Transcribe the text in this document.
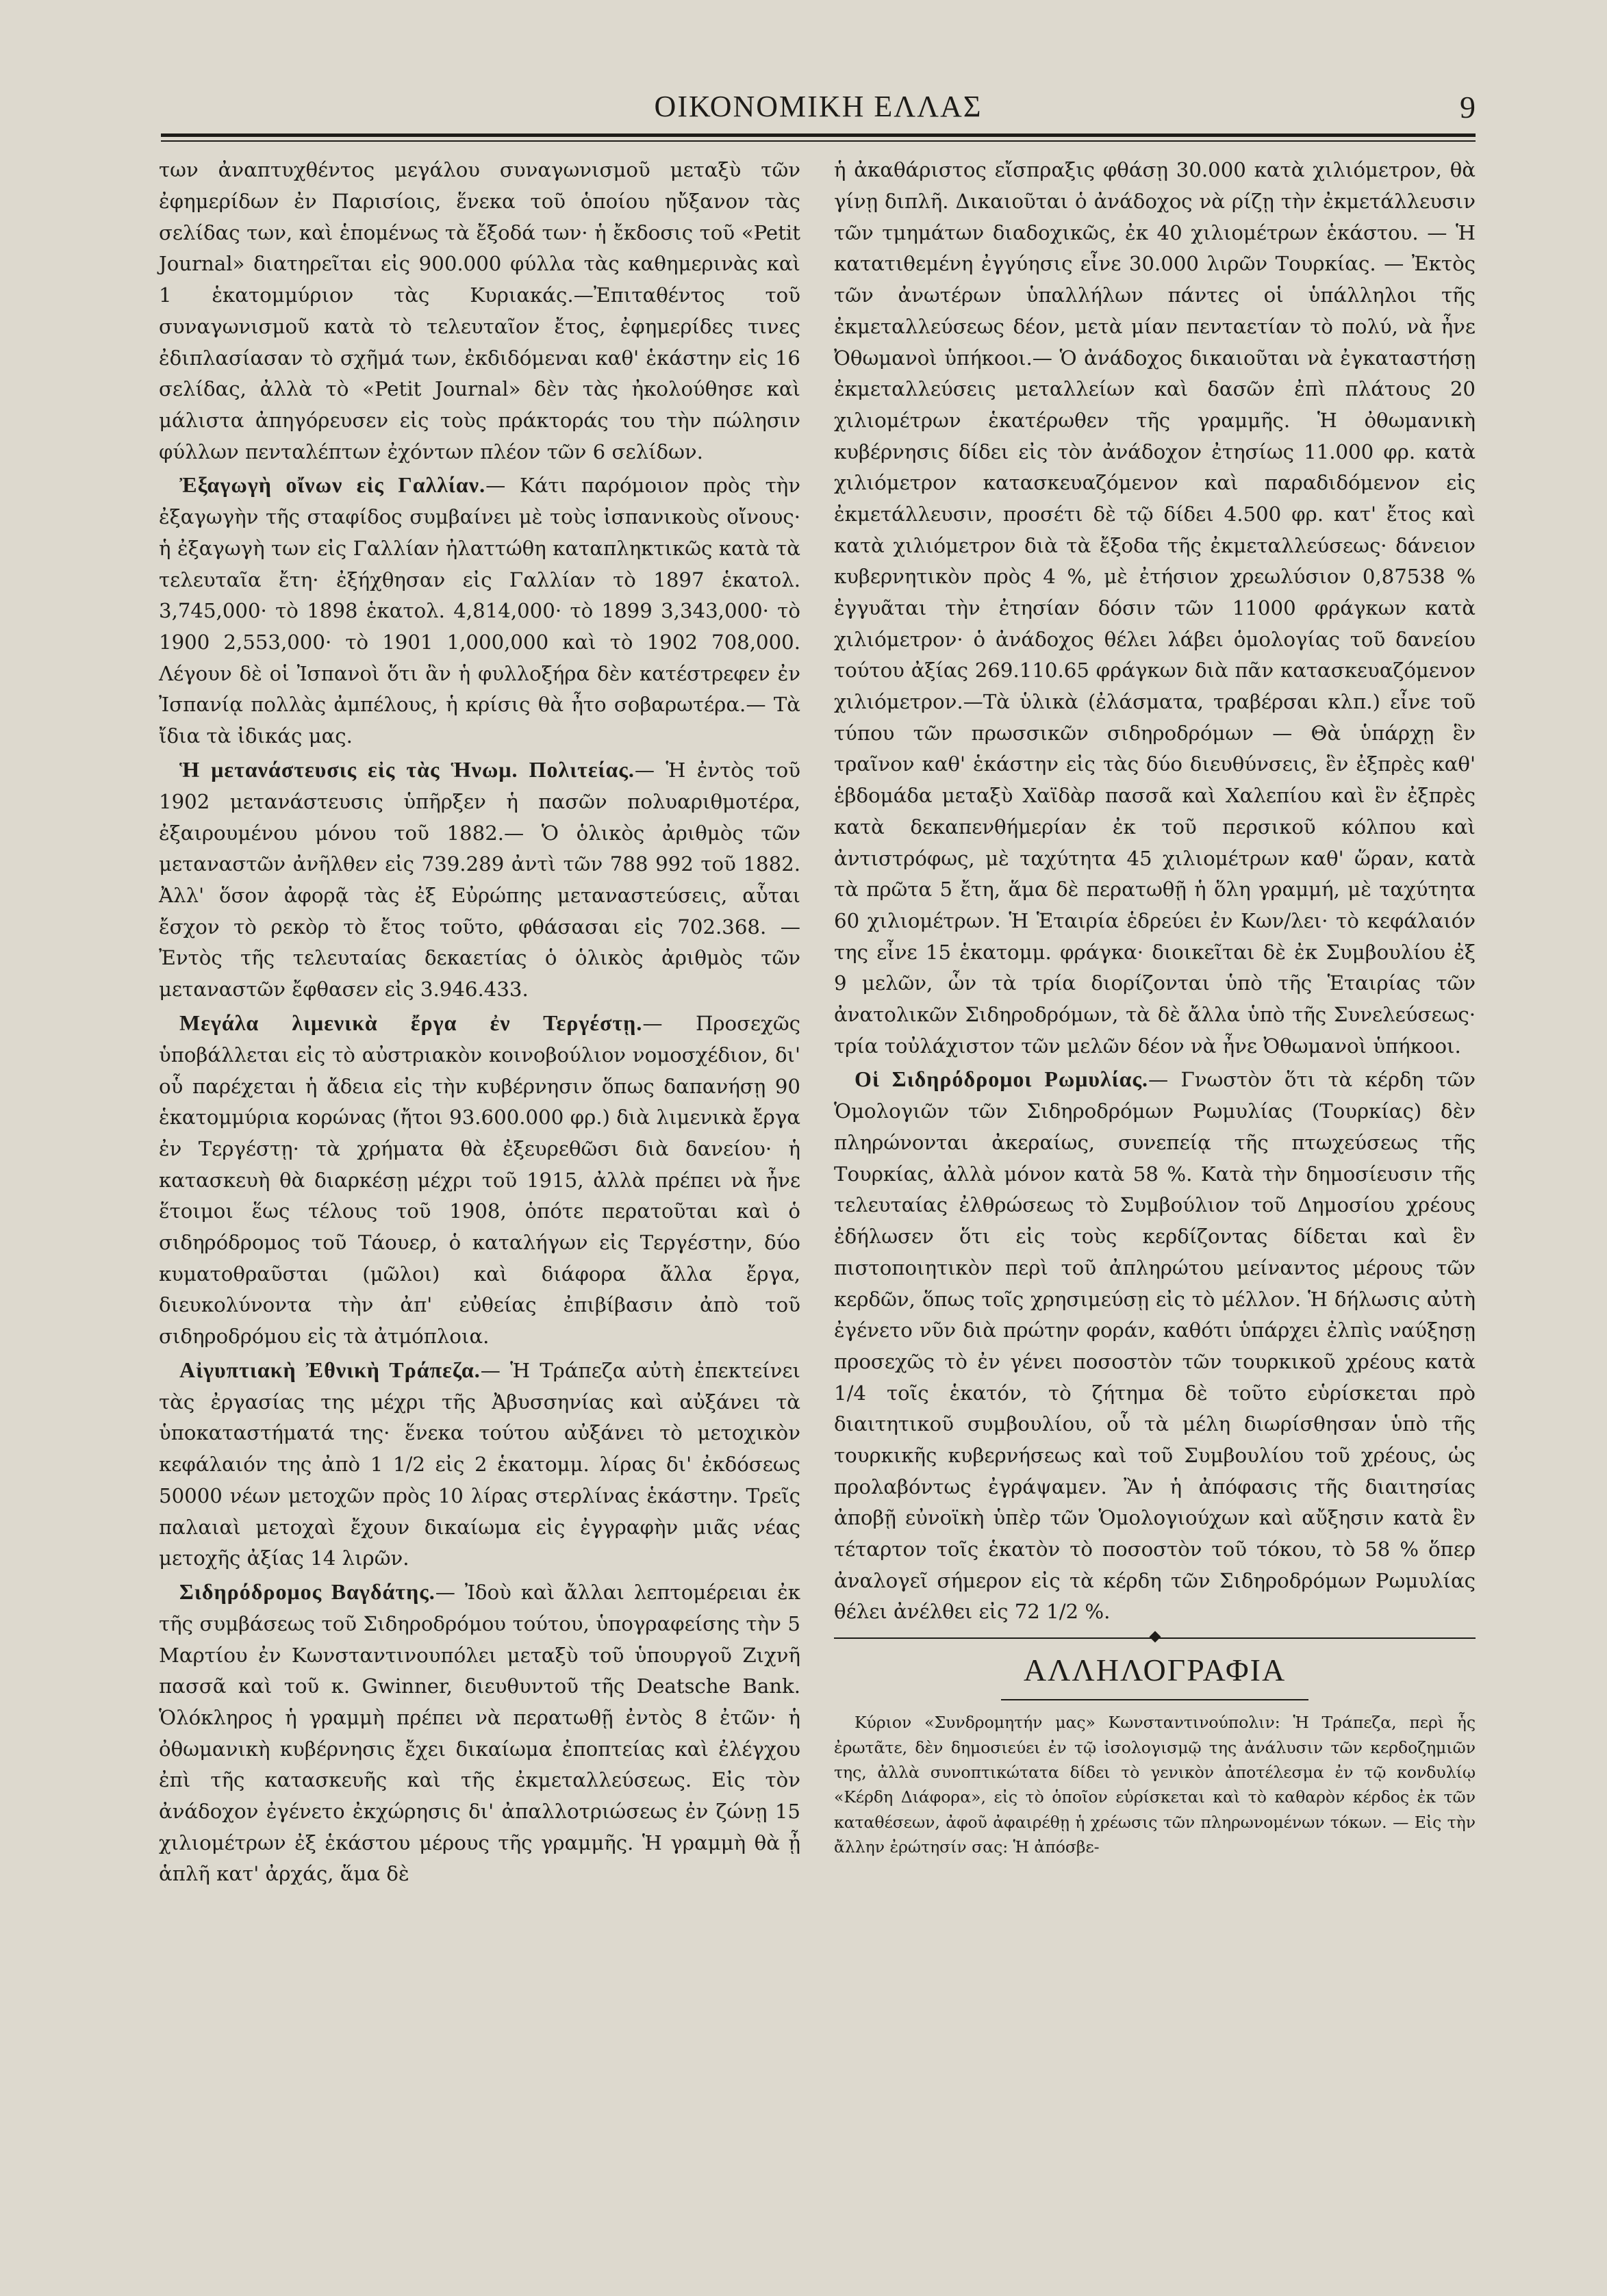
ΟΙΚΟΝΟΜΙΚΗ ΕΛΛΑΣ	9

των ἀναπτυχθέντος μεγάλου συναγωνισμοῦ μεταξὺ τῶν ἐφημερίδων ἐν Παρισίοις, ἕνεκα τοῦ ὁποίου ηὔξανον τὰς σελίδας των, καὶ ἑπομένως τὰ ἔξοδά των· ἡ ἔκδοσις τοῦ «Petit Journal» διατηρεῖται εἰς 900.000 φύλλα τὰς καθημερινὰς καὶ 1 ἑκατομμύριον τὰς Κυριακάς.—Ἐπιταθέντος τοῦ συναγωνισμοῦ κατὰ τὸ τελευταῖον ἔτος, ἐφημερίδες τινες ἐδιπλασίασαν τὸ σχῆμά των, ἐκδιδόμεναι καθ' ἑκάστην εἰς 16 σελίδας, ἀλλὰ τὸ «Petit Journal» δὲν τὰς ἠκολούθησε καὶ μάλιστα ἀπηγόρευσεν εἰς τοὺς πράκτοράς του τὴν πώλησιν φύλλων πενταλέπτων ἐχόντων πλέον τῶν 6 σελίδων.

Ἐξαγωγὴ οἴνων εἰς Γαλλίαν.— Κάτι παρόμοιον πρὸς τὴν ἐξαγωγὴν τῆς σταφίδος συμβαίνει μὲ τοὺς ἰσπανικοὺς οἴνους· ἡ ἐξαγωγὴ των εἰς Γαλλίαν ἠλαττώθη καταπληκτικῶς κατὰ τὰ τελευταῖα ἔτη· ἐξήχθησαν εἰς Γαλλίαν τὸ 1897 ἑκατολ. 3,745,000· τὸ 1898 ἑκατολ. 4,814,000· τὸ 1899 3,343,000· τὸ 1900 2,553,000· τὸ 1901 1,000,000 καὶ τὸ 1902 708,000. Λέγουν δὲ οἱ Ἰσπανοὶ ὅτι ἂν ἡ φυλλοξήρα δὲν κατέστρεφεν ἐν Ἰσπανίᾳ πολλὰς ἀμπέλους, ἡ κρίσις θὰ ἦτο σοβαρωτέρα.— Τὰ ἴδια τὰ ἰδικάς μας.

Ἡ μετανάστευσις εἰς τὰς Ἡνωμ. Πολιτείας.— Ἡ ἐντὸς τοῦ 1902 μετανάστευσις ὑπῆρξεν ἡ πασῶν πολυαριθμοτέρα, ἐξαιρουμένου μόνου τοῦ 1882.— Ὁ ὁλικὸς ἀριθμὸς τῶν μεταναστῶν ἀνῆλθεν εἰς 739.289 ἀντὶ τῶν 788 992 τοῦ 1882. Ἀλλ' ὅσον ἀφορᾷ τὰς ἐξ Εὐρώπης μεταναστεύσεις, αὗται ἔσχον τὸ ρεκὸρ τὸ ἔτος τοῦτο, φθάσασαι εἰς 702.368. — Ἐντὸς τῆς τελευταίας δεκαετίας ὁ ὁλικὸς ἀριθμὸς τῶν μεταναστῶν ἔφθασεν εἰς 3.946.433.

Μεγάλα λιμενικὰ ἔργα ἐν Τεργέστῃ.— Προσεχῶς ὑποβάλλεται εἰς τὸ αὐστριακὸν κοινοβούλιον νομοσχέδιον, δι' οὗ παρέχεται ἡ ἄδεια εἰς τὴν κυβέρνησιν ὅπως δαπανήσῃ 90 ἑκατομμύρια κορώνας (ἤτοι 93.600.000 φρ.) διὰ λιμενικὰ ἔργα ἐν Τεργέστῃ· τὰ χρήματα θὰ ἐξευρεθῶσι διὰ δανείου· ἡ κατασκευὴ θὰ διαρκέσῃ μέχρι τοῦ 1915, ἀλλὰ πρέπει νὰ ἦνε ἕτοιμοι ἕως τέλους τοῦ 1908, ὁπότε περατοῦται καὶ ὁ σιδηρόδρομος τοῦ Τάουερ, ὁ καταλήγων εἰς Τεργέστην, δύο κυματοθραῦσται (μῶλοι) καὶ διάφορα ἄλλα ἔργα, διευκολύνοντα τὴν ἀπ' εὐθείας ἐπιβίβασιν ἀπὸ τοῦ σιδηροδρόμου εἰς τὰ ἀτμόπλοια.

Αἰγυπτιακὴ Ἐθνικὴ Τράπεζα.— Ἡ Τράπεζα αὐτὴ ἐπεκτείνει τὰς ἐργασίας της μέχρι τῆς Ἀβυσσηνίας καὶ αὐξάνει τὰ ὑποκαταστήματά της· ἕνεκα τούτου αὐξάνει τὸ μετοχικὸν κεφάλαιόν της ἀπὸ 1 1/2 εἰς 2 ἑκατομμ. λίρας δι' ἐκδόσεως 50000 νέων μετοχῶν πρὸς 10 λίρας στερλίνας ἑκάστην. Τρεῖς παλαιαὶ μετοχαὶ ἔχουν δικαίωμα εἰς ἐγγραφὴν μιᾶς νέας μετοχῆς ἀξίας 14 λιρῶν.

Σιδηρόδρομος Βαγδάτης.— Ἰδοὺ καὶ ἄλλαι λεπτομέρειαι ἐκ τῆς συμβάσεως τοῦ Σιδηροδρόμου τούτου, ὑπογραφείσης τὴν 5 Μαρτίου ἐν Κωνσταντινουπόλει μεταξὺ τοῦ ὑπουργοῦ Ζιχνῆ πασσᾶ καὶ τοῦ κ. Gwinner, διευθυντοῦ τῆς Deatsche Bank. Ὁλόκληρος ἡ γραμμὴ πρέπει νὰ περατωθῇ ἐντὸς 8 ἐτῶν· ἡ ὀθωμανικὴ κυβέρνησις ἔχει δικαίωμα ἐποπτείας καὶ ἐλέγχου ἐπὶ τῆς κατασκευῆς καὶ τῆς ἐκμεταλλεύσεως. Εἰς τὸν ἀνάδοχον ἐγένετο ἐκχώρησις δι' ἀπαλλοτριώσεως ἐν ζώνῃ 15 χιλιομέτρων ἐξ ἑκάστου μέρους τῆς γραμμῆς. Ἡ γραμμὴ θὰ ᾖ ἁπλῆ κατ' ἀρχάς, ἅμα δὲ

ἡ ἀκαθάριστος εἴσπραξις φθάσῃ 30.000 κατὰ χιλιόμετρον, θὰ γίνῃ διπλῆ. Δικαιοῦται ὁ ἀνάδοχος νὰ ρίζῃ τὴν ἐκμετάλλευσιν τῶν τμημάτων διαδοχικῶς, ἐκ 40 χιλιομέτρων ἑκάστου. — Ἡ κατατιθεμένη ἐγγύησις εἶνε 30.000 λιρῶν Τουρκίας. — Ἐκτὸς τῶν ἀνωτέρων ὑπαλλήλων πάντες οἱ ὑπάλληλοι τῆς ἐκμεταλλεύσεως δέον, μετὰ μίαν πενταετίαν τὸ πολύ, νὰ ἦνε Ὀθωμανοὶ ὑπήκοοι.— Ὁ ἀνάδοχος δικαιοῦται νὰ ἐγκαταστήσῃ ἐκμεταλλεύσεις μεταλλείων καὶ δασῶν ἐπὶ πλάτους 20 χιλιομέτρων ἑκατέρωθεν τῆς γραμμῆς. Ἡ ὀθωμανικὴ κυβέρνησις δίδει εἰς τὸν ἀνάδοχον ἐτησίως 11.000 φρ. κατὰ χιλιόμετρον κατασκευαζόμενον καὶ παραδιδόμενον εἰς ἐκμετάλλευσιν, προσέτι δὲ τῷ δίδει 4.500 φρ. κατ' ἔτος καὶ κατὰ χιλιόμετρον διὰ τὰ ἔξοδα τῆς ἐκμεταλλεύσεως· δάνειον κυβερνητικὸν πρὸς 4 %, μὲ ἐτήσιον χρεωλύσιον 0,87538 % ἐγγυᾶται τὴν ἐτησίαν δόσιν τῶν 11000 φράγκων κατὰ χιλιόμετρον· ὁ ἀνάδοχος θέλει λάβει ὁμολογίας τοῦ δανείου τούτου ἀξίας 269.110.65 φράγκων διὰ πᾶν κατασκευαζόμενον χιλιόμετρον.—Τὰ ὑλικὰ (ἐλάσματα, τραβέρσαι κλπ.) εἶνε τοῦ τύπου τῶν πρωσσικῶν σιδηροδρόμων — Θὰ ὑπάρχῃ ἓν τραῖνον καθ' ἑκάστην εἰς τὰς δύο διευθύνσεις, ἓν ἐξπρὲς καθ' ἑβδομάδα μεταξὺ Χαϊδὰρ πασσᾶ καὶ Χαλεπίου καὶ ἓν ἐξπρὲς κατὰ δεκαπενθήμερίαν ἐκ τοῦ περσικοῦ κόλπου καὶ ἀντιστρόφως, μὲ ταχύτητα 45 χιλιομέτρων καθ' ὥραν, κατὰ τὰ πρῶτα 5 ἔτη, ἅμα δὲ περατωθῇ ἡ ὅλη γραμμή, μὲ ταχύτητα 60 χιλιομέτρων. Ἡ Ἑταιρία ἑδρεύει ἐν Κων/λει· τὸ κεφάλαιόν της εἶνε 15 ἑκατομμ. φράγκα· διοικεῖται δὲ ἐκ Συμβουλίου ἐξ 9 μελῶν, ὧν τὰ τρία διορίζονται ὑπὸ τῆς Ἑταιρίας τῶν ἀνατολικῶν Σιδηροδρόμων, τὰ δὲ ἄλλα ὑπὸ τῆς Συνελεύσεως· τρία τοὐλάχιστον τῶν μελῶν δέον νὰ ἦνε Ὀθωμανοὶ ὑπήκοοι.

Οἱ Σιδηρόδρομοι Ρωμυλίας.— Γνωστὸν ὅτι τὰ κέρδη τῶν Ὁμολογιῶν τῶν Σιδηροδρόμων Ρωμυλίας (Τουρκίας) δὲν πληρώνονται ἀκεραίως, συνεπείᾳ τῆς πτωχεύσεως τῆς Τουρκίας, ἀλλὰ μόνον κατὰ 58 %. Κατὰ τὴν δημοσίευσιν τῆς τελευταίας ἐλθρώσεως τὸ Συμβούλιον τοῦ Δημοσίου χρέους ἐδήλωσεν ὅτι εἰς τοὺς κερδίζοντας δίδεται καὶ ἓν πιστοποιητικὸν περὶ τοῦ ἀπληρώτου μείναντος μέρους τῶν κερδῶν, ὅπως τοῖς χρησιμεύσῃ εἰς τὸ μέλλον. Ἡ δήλωσις αὐτὴ ἐγένετο νῦν διὰ πρώτην φοράν, καθότι ὑπάρχει ἐλπὶς ναύξησῃ προσεχῶς τὸ ἐν γένει ποσοστὸν τῶν τουρκικοῦ χρέους κατὰ 1/4 τοῖς ἑκατόν, τὸ ζήτημα δὲ τοῦτο εὑρίσκεται πρὸ διαιτητικοῦ συμβουλίου, οὗ τὰ μέλη διωρίσθησαν ὑπὸ τῆς τουρκικῆς κυβερνήσεως καὶ τοῦ Συμβουλίου τοῦ χρέους, ὡς προλαβόντως ἐγράψαμεν. Ἂν ἡ ἀπόφασις τῆς διαιτησίας ἀποβῇ εὐνοϊκὴ ὑπὲρ τῶν Ὁμολογιούχων καὶ αὔξησιν κατὰ ἓν τέταρτον τοῖς ἑκατὸν τὸ ποσοστὸν τοῦ τόκου, τὸ 58 % ὅπερ ἀναλογεῖ σήμερον εἰς τὰ κέρδη τῶν Σιδηροδρόμων Ρωμυλίας θέλει ἀνέλθει εἰς 72 1/2 %.

ΑΛΛΗΛΟΓΡΑΦΙΑ

Κύριον «Συνδρομητήν μας» Κωνσταντινούπολιν: Ἡ Τράπεζα, περὶ ἧς ἐρωτᾶτε, δὲν δημοσιεύει ἐν τῷ ἰσολογισμῷ της ἀνάλυσιν τῶν κερδοζημιῶν της, ἀλλὰ συνοπτικώτατα δίδει τὸ γενικὸν ἀποτέλεσμα ἐν τῷ κονδυλίῳ «Κέρδη Διάφορα», εἰς τὸ ὁποῖον εὑρίσκεται καὶ τὸ καθαρὸν κέρδος ἐκ τῶν καταθέσεων, ἀφοῦ ἀφαιρέθῃ ἡ χρέωσις τῶν πληρωνομένων τόκων. — Εἰς τὴν ἄλλην ἐρώτησίν σας: Ἡ ἀπόσβε-
